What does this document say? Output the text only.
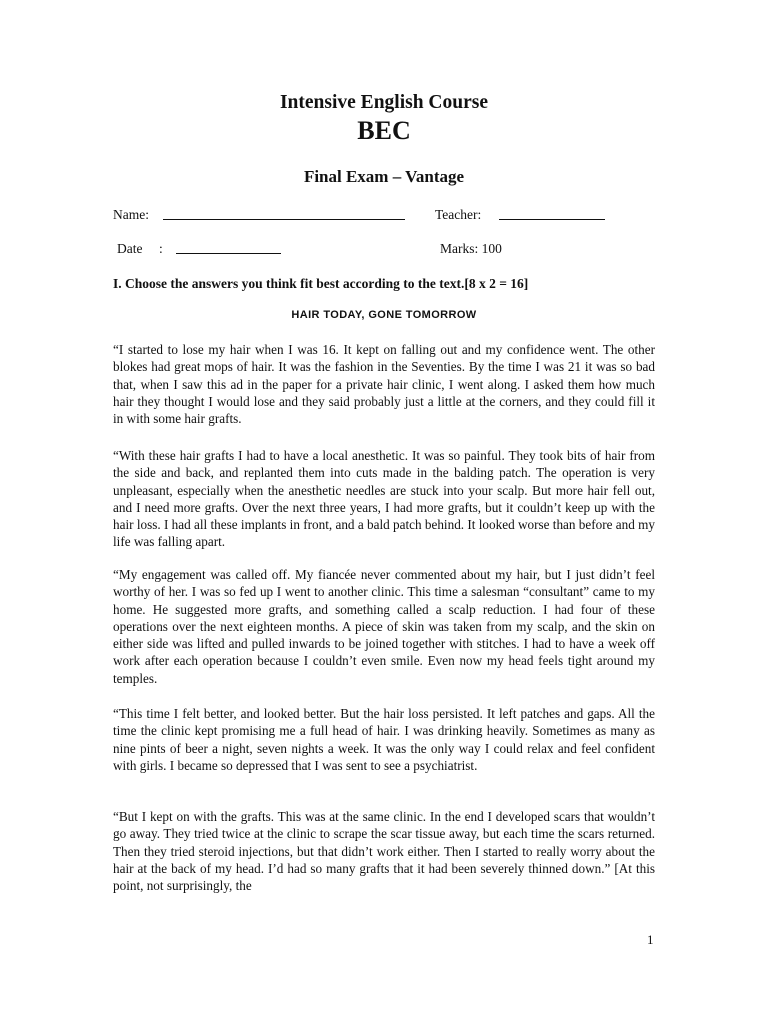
Intensive English Course
BEC
Final Exam – Vantage
Name:	Teacher:
Date :	Marks: 100
I. Choose the answers you think fit best according to the text.[8 x 2 = 16]
HAIR TODAY, GONE TOMORROW
“I started to lose my hair when I was 16. It kept on falling out and my confidence went. The other blokes had great mops of hair. It was the fashion in the Seventies. By the time I was 21 it was so bad that, when I saw this ad in the paper for a private hair clinic, I went along. I asked them how much hair they thought I would lose and they said probably just a little at the corners, and they could fill it in with some hair grafts.
“With these hair grafts I had to have a local anesthetic. It was so painful. They took bits of hair from the side and back, and replanted them into cuts made in the balding patch. The operation is very unpleasant, especially when the anesthetic needles are stuck into your scalp. But more hair fell out, and I need more grafts. Over the next three years, I had more grafts, but it couldn’t keep up with the hair loss. I had all these implants in front, and a bald patch behind. It looked worse than before and my life was falling apart.
“My engagement was called off. My fiancée never commented about my hair, but I just didn’t feel worthy of her. I was so fed up I went to another clinic. This time a salesman “consultant” came to my home. He suggested more grafts, and something called a scalp reduction. I had four of these operations over the next eighteen months. A piece of skin was taken from my scalp, and the skin on either side was lifted and pulled inwards to be joined together with stitches. I had to have a week off work after each operation because I couldn’t even smile. Even now my head feels tight around my temples.
“This time I felt better, and looked better. But the hair loss persisted. It left patches and gaps. All the time the clinic kept promising me a full head of hair. I was drinking heavily. Sometimes as many as nine pints of beer a night, seven nights a week. It was the only way I could relax and feel confident with girls. I became so depressed that I was sent to see a psychiatrist.
“But I kept on with the grafts. This was at the same clinic. In the end I developed scars that wouldn’t go away. They tried twice at the clinic to scrape the scar tissue away, but each time the scars returned. Then they tried steroid injections, but that didn’t work either. Then I started to really worry about the hair at the back of my head. I’d had so many grafts that it had been severely thinned down.” [At this point, not surprisingly, the
1
